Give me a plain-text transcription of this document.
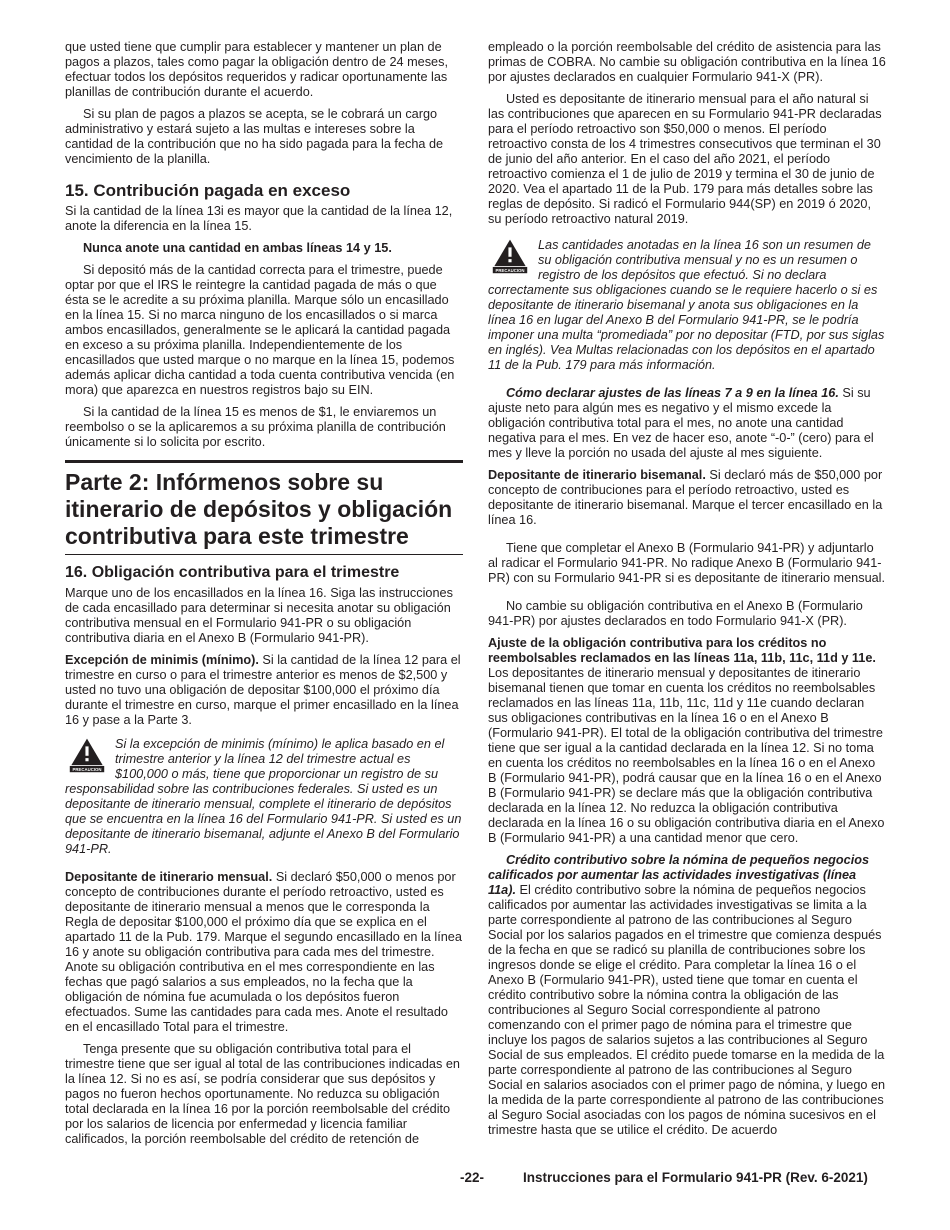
que usted tiene que cumplir para establecer y mantener un plan de pagos a plazos, tales como pagar la obligación dentro de 24 meses, efectuar todos los depósitos requeridos y radicar oportunamente las planillas de contribución durante el acuerdo.

Si su plan de pagos a plazos se acepta, se le cobrará un cargo administrativo y estará sujeto a las multas e intereses sobre la cantidad de la contribución que no ha sido pagada para la fecha de vencimiento de la planilla.

15. Contribución pagada en exceso

Si la cantidad de la línea 13i es mayor que la cantidad de la línea 12, anote la diferencia en la línea 15.

Nunca anote una cantidad en ambas líneas 14 y 15.

Si depositó más de la cantidad correcta para el trimestre, puede optar por que el IRS le reintegre la cantidad pagada de más o que ésta se le acredite a su próxima planilla. Marque sólo un encasillado en la línea 15. Si no marca ninguno de los encasillados o si marca ambos encasillados, generalmente se le aplicará la cantidad pagada en exceso a su próxima planilla. Independientemente de los encasillados que usted marque o no marque en la línea 15, podemos además aplicar dicha cantidad a toda cuenta contributiva vencida (en mora) que aparezca en nuestros registros bajo su EIN.

Si la cantidad de la línea 15 es menos de $1, le enviaremos un reembolso o se la aplicaremos a su próxima planilla de contribución únicamente si lo solicita por escrito.

Parte 2: Infórmenos sobre su itinerario de depósitos y obligación contributiva para este trimestre
16. Obligación contributiva para el trimestre

Marque uno de los encasillados en la línea 16. Siga las instrucciones de cada encasillado para determinar si necesita anotar su obligación contributiva mensual en el Formulario 941-PR o su obligación contributiva diaria en el Anexo B (Formulario 941-PR).

Excepción de minimis (mínimo). Si la cantidad de la línea 12 para el trimestre en curso o para el trimestre anterior es menos de $2,500 y usted no tuvo una obligación de depositar $100,000 el próximo día durante el trimestre en curso, marque el primer encasillado en la línea 16 y pase a la Parte 3.

PRECAUCION

Si la excepción de minimis (mínimo) le aplica basado en el trimestre anterior y la línea 12 del trimestre actual es $100,000 o más, tiene que proporcionar un registro de su responsabilidad sobre las contribuciones federales. Si usted es un depositante de itinerario mensual, complete el itinerario de depósitos que se encuentra en la línea 16 del Formulario 941-PR. Si usted es un depositante de itinerario bisemanal, adjunte el Anexo B del Formulario 941-PR.

Depositante de itinerario mensual. Si declaró $50,000 o menos por concepto de contribuciones durante el período retroactivo, usted es depositante de itinerario mensual a menos que le corresponda la Regla de depositar $100,000 el próximo día que se explica en el apartado 11 de la Pub. 179. Marque el segundo encasillado en la línea 16 y anote su obligación contributiva para cada mes del trimestre. Anote su obligación contributiva en el mes correspondiente en las fechas que pagó salarios a sus empleados, no la fecha que la obligación de nómina fue acumulada o los depósitos fueron efectuados. Sume las cantidades para cada mes. Anote el resultado en el encasillado Total para el trimestre.

Tenga presente que su obligación contributiva total para el trimestre tiene que ser igual al total de las contribuciones indicadas en la línea 12. Si no es así, se podría considerar que sus depósitos y pagos no fueron hechos oportunamente. No reduzca su obligación total declarada en la línea 16 por la porción reembolsable del crédito por los salarios de licencia por enfermedad y licencia familiar calificados, la porción reembolsable del crédito de retención de

empleado o la porción reembolsable del crédito de asistencia para las primas de COBRA. No cambie su obligación contributiva en la línea 16 por ajustes declarados en cualquier Formulario 941-X (PR).

Usted es depositante de itinerario mensual para el año natural si las contribuciones que aparecen en su Formulario 941-PR declaradas para el período retroactivo son $50,000 o menos. El período retroactivo consta de los 4 trimestres consecutivos que terminan el 30 de junio del año anterior. En el caso del año 2021, el período retroactivo comienza el 1 de julio de 2019 y termina el 30 de junio de 2020. Vea el apartado 11 de la Pub. 179 para más detalles sobre las reglas de depósito. Si radicó el Formulario 944(SP) en 2019 ó 2020, su período retroactivo natural 2019.

PRECAUCION

Las cantidades anotadas en la línea 16 son un resumen de su obligación contributiva mensual y no es un resumen o registro de los depósitos que efectuó. Si no declara correctamente sus obligaciones cuando se le requiere hacerlo o si es depositante de itinerario bisemanal y anota sus obligaciones en la línea 16 en lugar del Anexo B del Formulario 941-PR, se le podría imponer una multa “promediada” por no depositar (FTD, por sus siglas en inglés). Vea Multas relacionadas con los depósitos en el apartado 11 de la Pub. 179 para más información.

Cómo declarar ajustes de las líneas 7 a 9 en la línea 16. Si su ajuste neto para algún mes es negativo y el mismo excede la obligación contributiva total para el mes, no anote una cantidad negativa para el mes. En vez de hacer eso, anote “-0-” (cero) para el mes y lleve la porción no usada del ajuste al mes siguiente.

Depositante de itinerario bisemanal. Si declaró más de $50,000 por concepto de contribuciones para el período retroactivo, usted es depositante de itinerario bisemanal. Marque el tercer encasillado en la línea 16.

Tiene que completar el Anexo B (Formulario 941-PR) y adjuntarlo al radicar el Formulario 941-PR. No radique Anexo B (Formulario 941-PR) con su Formulario 941-PR si es depositante de itinerario mensual.

No cambie su obligación contributiva en el Anexo B (Formulario 941-PR) por ajustes declarados en todo Formulario 941-X (PR).

Ajuste de la obligación contributiva para los créditos no reembolsables reclamados en las líneas 11a, 11b, 11c, 11d y 11e. Los depositantes de itinerario mensual y depositantes de itinerario bisemanal tienen que tomar en cuenta los créditos no reembolsables reclamados en las líneas 11a, 11b, 11c, 11d y 11e cuando declaran sus obligaciones contributivas en la línea 16 o en el Anexo B (Formulario 941-PR). El total de la obligación contributiva del trimestre tiene que ser igual a la cantidad declarada en la línea 12. Si no toma en cuenta los créditos no reembolsables en la línea 16 o en el Anexo B (Formulario 941-PR), podrá causar que en la línea 16 o en el Anexo B (Formulario 941-PR) se declare más que la obligación contributiva declarada en la línea 12. No reduzca la obligación contributiva declarada en la línea 16 o su obligación contributiva diaria en el Anexo B (Formulario 941-PR) a una cantidad menor que cero.

Crédito contributivo sobre la nómina de pequeños negocios calificados por aumentar las actividades investigativas (línea 11a). El crédito contributivo sobre la nómina de pequeños negocios calificados por aumentar las actividades investigativas se limita a la parte correspondiente al patrono de las contribuciones al Seguro Social por los salarios pagados en el trimestre que comienza después de la fecha en que se radicó su planilla de contribuciones sobre los ingresos donde se elige el crédito. Para completar la línea 16 o el Anexo B (Formulario 941-PR), usted tiene que tomar en cuenta el crédito contributivo sobre la nómina contra la obligación de las contribuciones al Seguro Social correspondiente al patrono comenzando con el primer pago de nómina para el trimestre que incluye los pagos de salarios sujetos a las contribuciones al Seguro Social de sus empleados. El crédito puede tomarse en la medida de la parte correspondiente al patrono de las contribuciones al Seguro Social en salarios asociados con el primer pago de nómina, y luego en la medida de la parte correspondiente al patrono de las contribuciones al Seguro Social asociadas con los pagos de nómina sucesivos en el trimestre hasta que se utilice el crédito. De acuerdo

-22-	Instrucciones para el Formulario 941-PR (Rev. 6-2021)
